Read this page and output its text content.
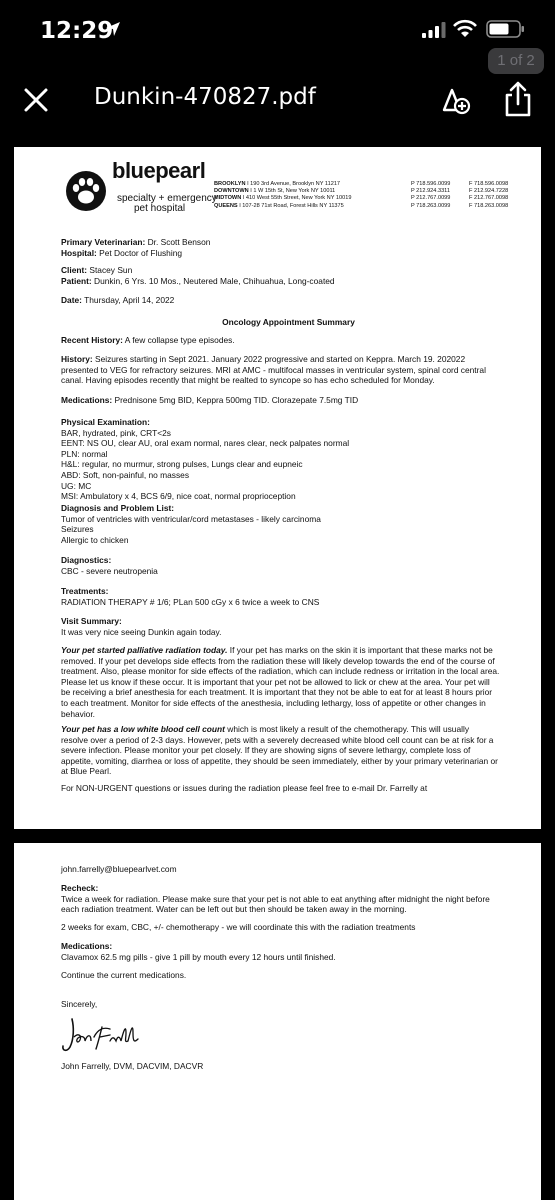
12:29
1 of 2
Dunkin-470827.pdf
bluepearl
specialty + emergency
pet hospital
BROOKLYN I 190 3rd Avenue, Brooklyn NY 11217
DOWNTOWN I 1 W 15th St, New York NY 10011
MIDTOWN I 410 West 55th Street, New York NY 10019
QUEENS I 107-28 71st Road, Forest Hills NY 11375
P 718.596.0099
P 212.924.3311
P 212.767.0099
P 718.263.0099
F 718.596.0098
F 212.924.7228
F 212.767.0098
F 718.263.0098
Primary Veterinarian: Dr. Scott Benson
Hospital: Pet Doctor of Flushing
Client: Stacey Sun
Patient: Dunkin, 6 Yrs. 10 Mos., Neutered Male, Chihuahua, Long-coated
Date: Thursday, April 14, 2022
Oncology Appointment Summary
Recent History: A few collapse type episodes.
History: Seizures starting in Sept 2021. January 2022 progressive and started on Keppra. March 19. 202022
presented to VEG for refractory seizures. MRI at AMC - multifocal masses in ventricular system, spinal cord central
canal. Having episodes recently that might be realted to syncope so has echo scheduled for Monday.
Medications: Prednisone 5mg BID, Keppra 500mg TID. Clorazepate 7.5mg TID
Physical Examination:
BAR, hydrated, pink, CRT<2s
EENT: NS OU, clear AU, oral exam normal, nares clear, neck palpates normal
PLN: normal
H&L: regular, no murmur, strong pulses, Lungs clear and eupneic
ABD: Soft, non-painful, no masses
UG: MC
MSI: Ambulatory x 4, BCS 6/9, nice coat, normal proprioception
Diagnosis and Problem List:
Tumor of ventricles with ventricular/cord metastases - likely carcinoma
Seizures
Allergic to chicken
Diagnostics:
CBC - severe neutropenia
Treatments:
RADIATION THERAPY # 1/6; PLan 500 cGy x 6 twice a week to CNS
Visit Summary:
It was very nice seeing Dunkin again today.
Your pet started palliative radiation today. If your pet has marks on the skin it is important that these marks not be
removed. If your pet develops side effects from the radiation these will likely develop towards the end of the course of
treatment. Also, please monitor for side effects of the radiation, which can include redness or irritation in the local area.
Please let us know if these occur. It is important that your pet not be allowed to lick or chew at the area. Your pet will
be receiving a brief anesthesia for each treatment. It is important that they not be able to eat for at least 8 hours prior
to each treatment. Monitor for side effects of the anesthesia, including lethargy, loss of appetite or other changes in
behavior.
Your pet has a low white blood cell count which is most likely a result of the chemotherapy. This will usually
resolve over a period of 2-3 days. However, pets with a severely decreased white blood cell count can be at risk for a
severe infection. Please monitor your pet closely. If they are showing signs of severe lethargy, complete loss of
appetite, vomiting, diarrhea or loss of appetite, they should be seen immediately, either by your primary veterinarian or
at Blue Pearl.
For NON-URGENT questions or issues during the radiation please feel free to e-mail Dr. Farrelly at
john.farrelly@bluepearlvet.com
Recheck:
Twice a week for radiation. Please make sure that your pet is not able to eat anything after midnight the night before
each radiation treatment. Water can be left out but then should be taken away in the morning.
2 weeks for exam, CBC, +/- chemotherapy - we will coordinate this with the radiation treatments
Medications:
Clavamox 62.5 mg pills - give 1 pill by mouth every 12 hours until finished.
Continue the current medications.
Sincerely,
John Farrelly, DVM, DACVIM, DACVR
